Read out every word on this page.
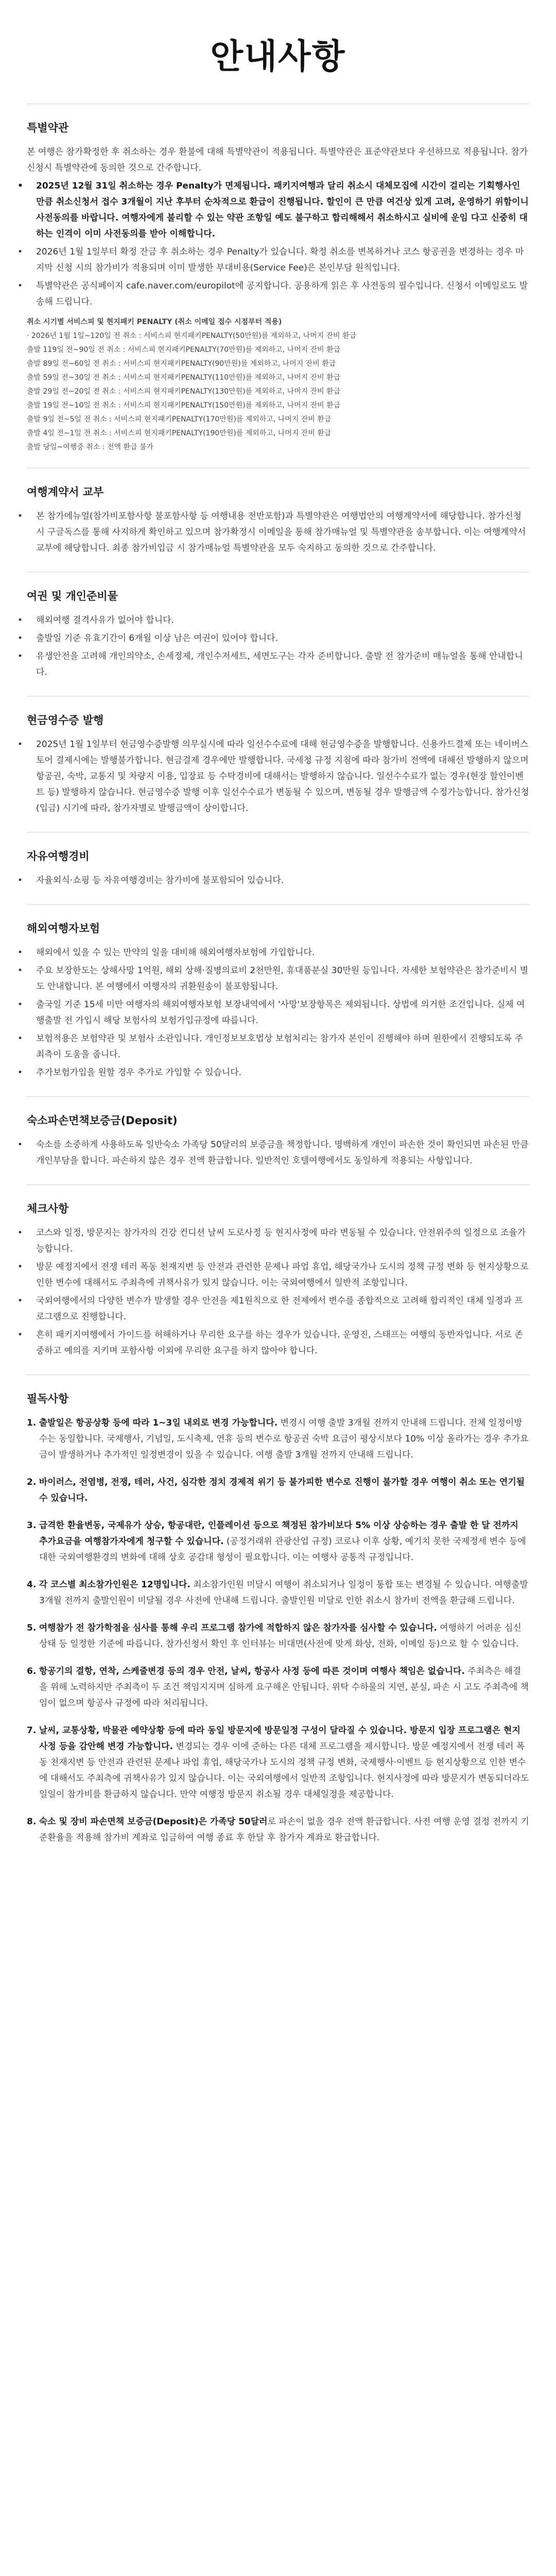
안내사항
특별약관

본 여행은 참가확정한 후 취소하는 경우 환불에 대해 특별약관이 적용됩니다. 특별약관은 표준약관보다 우선하므로 적용됩니다. 참가신청시 특별약관에 동의한 것으로 간주합니다.

• 2025년 12월 31일 취소하는 경우 Penalty가 면제됩니다. 패키지여행과 달리 취소시 대체모집에 시간이 걸리는 기획행사인 만큼 취소신청서 접수 3개월이 지난 후부터 순차적으로 환급이 진행됩니다. 할인이 큰 만큼 여건상 있게 고려, 운영하기 위함이니 사전동의를 바랍니다. 여행자에게 불리할 수 있는 약관 조항일 예도 불구하고 합리해해서 취소하시고 실비에 운임 다고 신중히 대하는 인격이 이미 사전동의를 받아 이해합니다.

• 2026년 1월 1일부터 확정 잔금 후 취소하는 경우 Penalty가 있습니다. 확정 취소를 변복하거나 코스 항공권을 변경하는 경우 마지막 신청 시의 참가비가 적용되며 이미 발생한 부대비용(Service Fee)은 본인부담 원칙입니다.

• 특별약관은 공식페이지 cafe.naver.com/europilot에 공지합니다. 공용하게 읽은 후 사전동의 필수입니다. 신청서 이메일로도 발송해 드립니다.

취소 시기별 서비스피 및 현지패키 PENALTY (취소 이메일 접수 시점부터 적용)

· 2026년 1월 1일~120일 전 취소 : 서비스피 현지패키PENALTY(50만원)를 제외하고, 나머지 잔비 환급

출발 119일 전~90일 전 취소 : 서비스피 현지패키PENALTY(70만원)를 제외하고, 나머지 잔비 환급

출발 89일 전~60일 전 취소 : 서비스피 현지패키PENALTY(90만원)를 제외하고, 나머지 잔비 환급

출발 59일 전~30일 전 취소 : 서비스피 현지패키PENALTY(110만원)를 제외하고, 나머지 잔비 환급

출발 29일 전~20일 전 취소 : 서비스피 현지패키PENALTY(130만원)를 제외하고, 나머지 잔비 환급

출발 19일 전~10일 전 취소 : 서비스피 현지패키PENALTY(150만원)를 제외하고, 나머지 잔비 환급

출발 9일 전~5일 전 취소 : 서비스피 현지패키PENALTY(170만원)를 제외하고, 나머지 잔비 환급

출발 4일 전~1일 전 취소 : 서비스피 현지패키PENALTY(190만원)를 제외하고, 나머지 잔비 환급

출발 당일~여행중 취소 : 전액 환급 불가

여행계약서 교부

• 본 참가에뉴얼(참가비포함사항 불포함사항 등 여행내용 전반포함)과 특별약관은 여행법안의 여행계약서에 해당합니다. 참가신청 시 구글독스를 통해 사지하게 확인하고 있으며 참가확정시 이메일을 통해 참가매뉴얼 및 특별약관을 송부합니다. 이는 여행계약서 교부에 해당합니다. 최종 참가비입금 시 참가매뉴얼 특별약관을 모두 숙지하고 동의한 것으로 간주합니다.

여권 및 개인준비물

• 해외여행 결격사유가 없어야 합니다.

• 출발일 기준 유효기간이 6개월 이상 남은 여권이 있어야 합니다.

• 유생안전을 고려해 개인의약소, 손세정제, 개인수저세트, 세면도구는 각자 준비합니다. 출발 전 참가준비 매뉴얼을 통해 안내합니다.

현금영수증 발행

• 2025년 1월 1일부터 현금영수증발행 의무실시에 따라 일선수수료에 대해 현금영수증을 발행합니다. 신용카드결제 또는 네이버스토어 결제시에는 발행불가합니다. 현금결제 경우에만 발행합니다. 국세청 규정 지침에 따라 참가비 전액에 대해선 발행하지 않으며 항공권, 숙박, 교통지 및 차량지 이용, 입장료 등 수탁경비에 대해서는 발행하지 않습니다. 일선수수료가 없는 경우(현장 할인이벤트 등) 발행하지 않습니다. 현금영수증 발행 이후 일선수수료가 변동될 수 있으며, 변동될 경우 발행금액 수정가능합니다. 참가신청(입금) 시기에 따라, 참가자별로 발행금액이 상이합니다.

자유여행경비

• 자율외식·쇼핑 등 자유여행경비는 참가비에 불포함되어 있습니다.

해외여행자보험

• 해외에서 있을 수 있는 만약의 일을 대비해 해외여행자보험에 가입합니다.

• 주요 보장한도는 상해사망 1억원, 해외 상해·질병의료비 2천만원, 휴대품분실 30만원 등입니다. 자세한 보험약관은 참가준비시 별도 안내합니다. 본 여행에서 여행자의 귀환원송이 불포함됩니다.

• 출국일 기준 15세 미만 여행자의 해외여행자보험 보장내역에서 '사망'보장항목은 제외됩니다. 상법에 의거한 조건입니다. 실제 여행출발 전 가입시 해당 보험사의 보험가입규정에 따릅니다.

• 보험적용은 보험약관 및 보험사 소관입니다. 개인정보보호법상 보험처리는 참가자 본인이 진행해야 하며 원한에서 진행되도록 주최측이 도움을 줍니다.

• 추가보험가입을 원할 경우 추가로 가입할 수 있습니다.

숙소파손면책보증금(Deposit)

• 숙소를 소중하게 사용하도록 일반숙소 가족당 50달러의 보증금을 책정합니다. 명백하게 개인이 파손한 것이 확인되면 파손된 만큼 개인부담을 합니다. 파손하지 않은 경우 전액 환급합니다. 일반적인 호텔여행에서도 동일하게 적용되는 사항입니다.

체크사항

• 코스와 일정, 방문지는 참가자의 건강 컨디션 날씨 도로사정 등 현지사정에 따라 변동될 수 있습니다. 안전위주의 일정으로 조율가능합니다.

• 방문 예정지에서 전쟁 테러 폭동 천재지변 등 안전과 관련한 문제나 파업 휴업, 해당국가나 도시의 정책 규정 변화 등 현지상황으로 인한 변수에 대해서도 주최측에 귀책사유가 있지 않습니다. 이는 국외여행에서 일반적 조항입니다.

• 국외여행에서의 다양한 변수가 발생할 경우 안전을 제1원칙으로 한 전제에서 변수를 종합적으로 고려해 합리적인 대체 일정과 프로그램으로 진행합니다.

• 흔히 패키지여행에서 가이드를 허해하거나 무리한 요구를 하는 경우가 있습니다. 운영진, 스태프는 여행의 동반자입니다. 서로 존중하고 예의를 지키며 포함사항 이외에 무리한 요구를 하지 않아야 합니다.

필독사항

1. 출발일은 항공상황 등에 따라 1~3일 내외로 변경 가능합니다. 변경시 여행 출발 3개월 전까지 안내해 드립니다. 전체 일정이방수는 동일합니다. 국제행사, 기념일, 도시축제, 연휴 등의 변수로 항공권 숙박 요금이 평상시보다 10% 이상 올라가는 경우 추가요금이 발생하거나 추가적인 일정변경이 있을 수 있습니다. 여행 출발 3개월 전까지 안내해 드립니다.

2. 바이러스, 전염병, 전쟁, 테러, 사건, 심각한 정치 경제적 위기 등 불가피한 변수로 진행이 불가할 경우 여행이 취소 또는 연기될 수 있습니다.

3. 급격한 환율변동, 국제유가 상승, 항공대란, 인플레이션 등으로 책정된 참가비보다 5% 이상 상승하는 경우 출발 한 달 전까지 추가요금을 여행참가자에게 청구할 수 있습니다. (공정거래위 관광산업 규정) 코로나 이후 상황, 예기치 못한 국제정세 변수 등에 대한 국외여행환경의 변화에 대해 상호 공감대 형성이 필요합니다. 이는 여행사 공통적 규정입니다.

4. 각 코스별 최소참가인원은 12명입니다. 최소참가인원 미달시 여행이 취소되거나 일정이 통합 또는 변경될 수 있습니다. 여행출발 3개월 전까지 출발인원이 미달될 경우 사전에 안내해 드립니다. 출발인원 미달로 인한 취소시 참가비 전액을 환급해 드립니다.

5. 여행참가 전 참가학점을 심사를 통해 우리 프로그램 참가에 적합하지 않은 참가자를 심사할 수 있습니다. 여행하기 어려운 심신상태 등 일정한 기준에 따릅니다. 참가신청서 확인 후 인터뷰는 비대면(사전에 맞게 화상, 전화, 이메일 등)으로 할 수 있습니다.

6. 항공기의 결항, 연착, 스케줄변경 등의 경우 안전, 날씨, 항공사 사정 등에 따른 것이며 여행사 책임은 없습니다. 주최측은 해결을 위해 노력하지만 주최측이 두 조건 책임지지며 심하게 요구해온 안됩니다. 위탁 수하물의 지연, 분실, 파손 시 고도 주최측에 책임이 없으며 항공사 규정에 따라 처리됩니다.

7. 날씨, 교통상황, 박물관 예약상황 등에 따라 동일 방문지에 방문일정 구성이 달라질 수 있습니다. 방문지 입장 프로그램은 현지 사정 등을 감안해 변경 가능합니다. 변경되는 경우 이에 준하는 다른 대체 프로그램을 제시합니다. 방문 예정지에서 전쟁 테러 폭동 천재지변 등 안전과 관련된 문제나 파업 휴업, 해당국가나 도시의 정책 규정 변화, 국제행사·이벤트 등 현지상황으로 인한 변수에 대해서도 주최측에 귀책사유가 있지 않습니다. 이는 국외여행에서 일반적 조항입니다. 현지사정에 따라 방문지가 변동되더라도 일일이 참가비를 환급하지 않습니다. 만약 여행정 방문지 취소될 경우 대체일정을 제공합니다.

8. 숙소 및 장비 파손면책 보증금(Deposit)은 가족당 50달러로 파손이 없을 경우 전액 환급합니다. 사전 여행 운영 결정 전까지 기준환율을 적용해 참가비 계좌로 입금하여 여행 종료 후 한달 후 참가자 계좌로 환급합니다.
